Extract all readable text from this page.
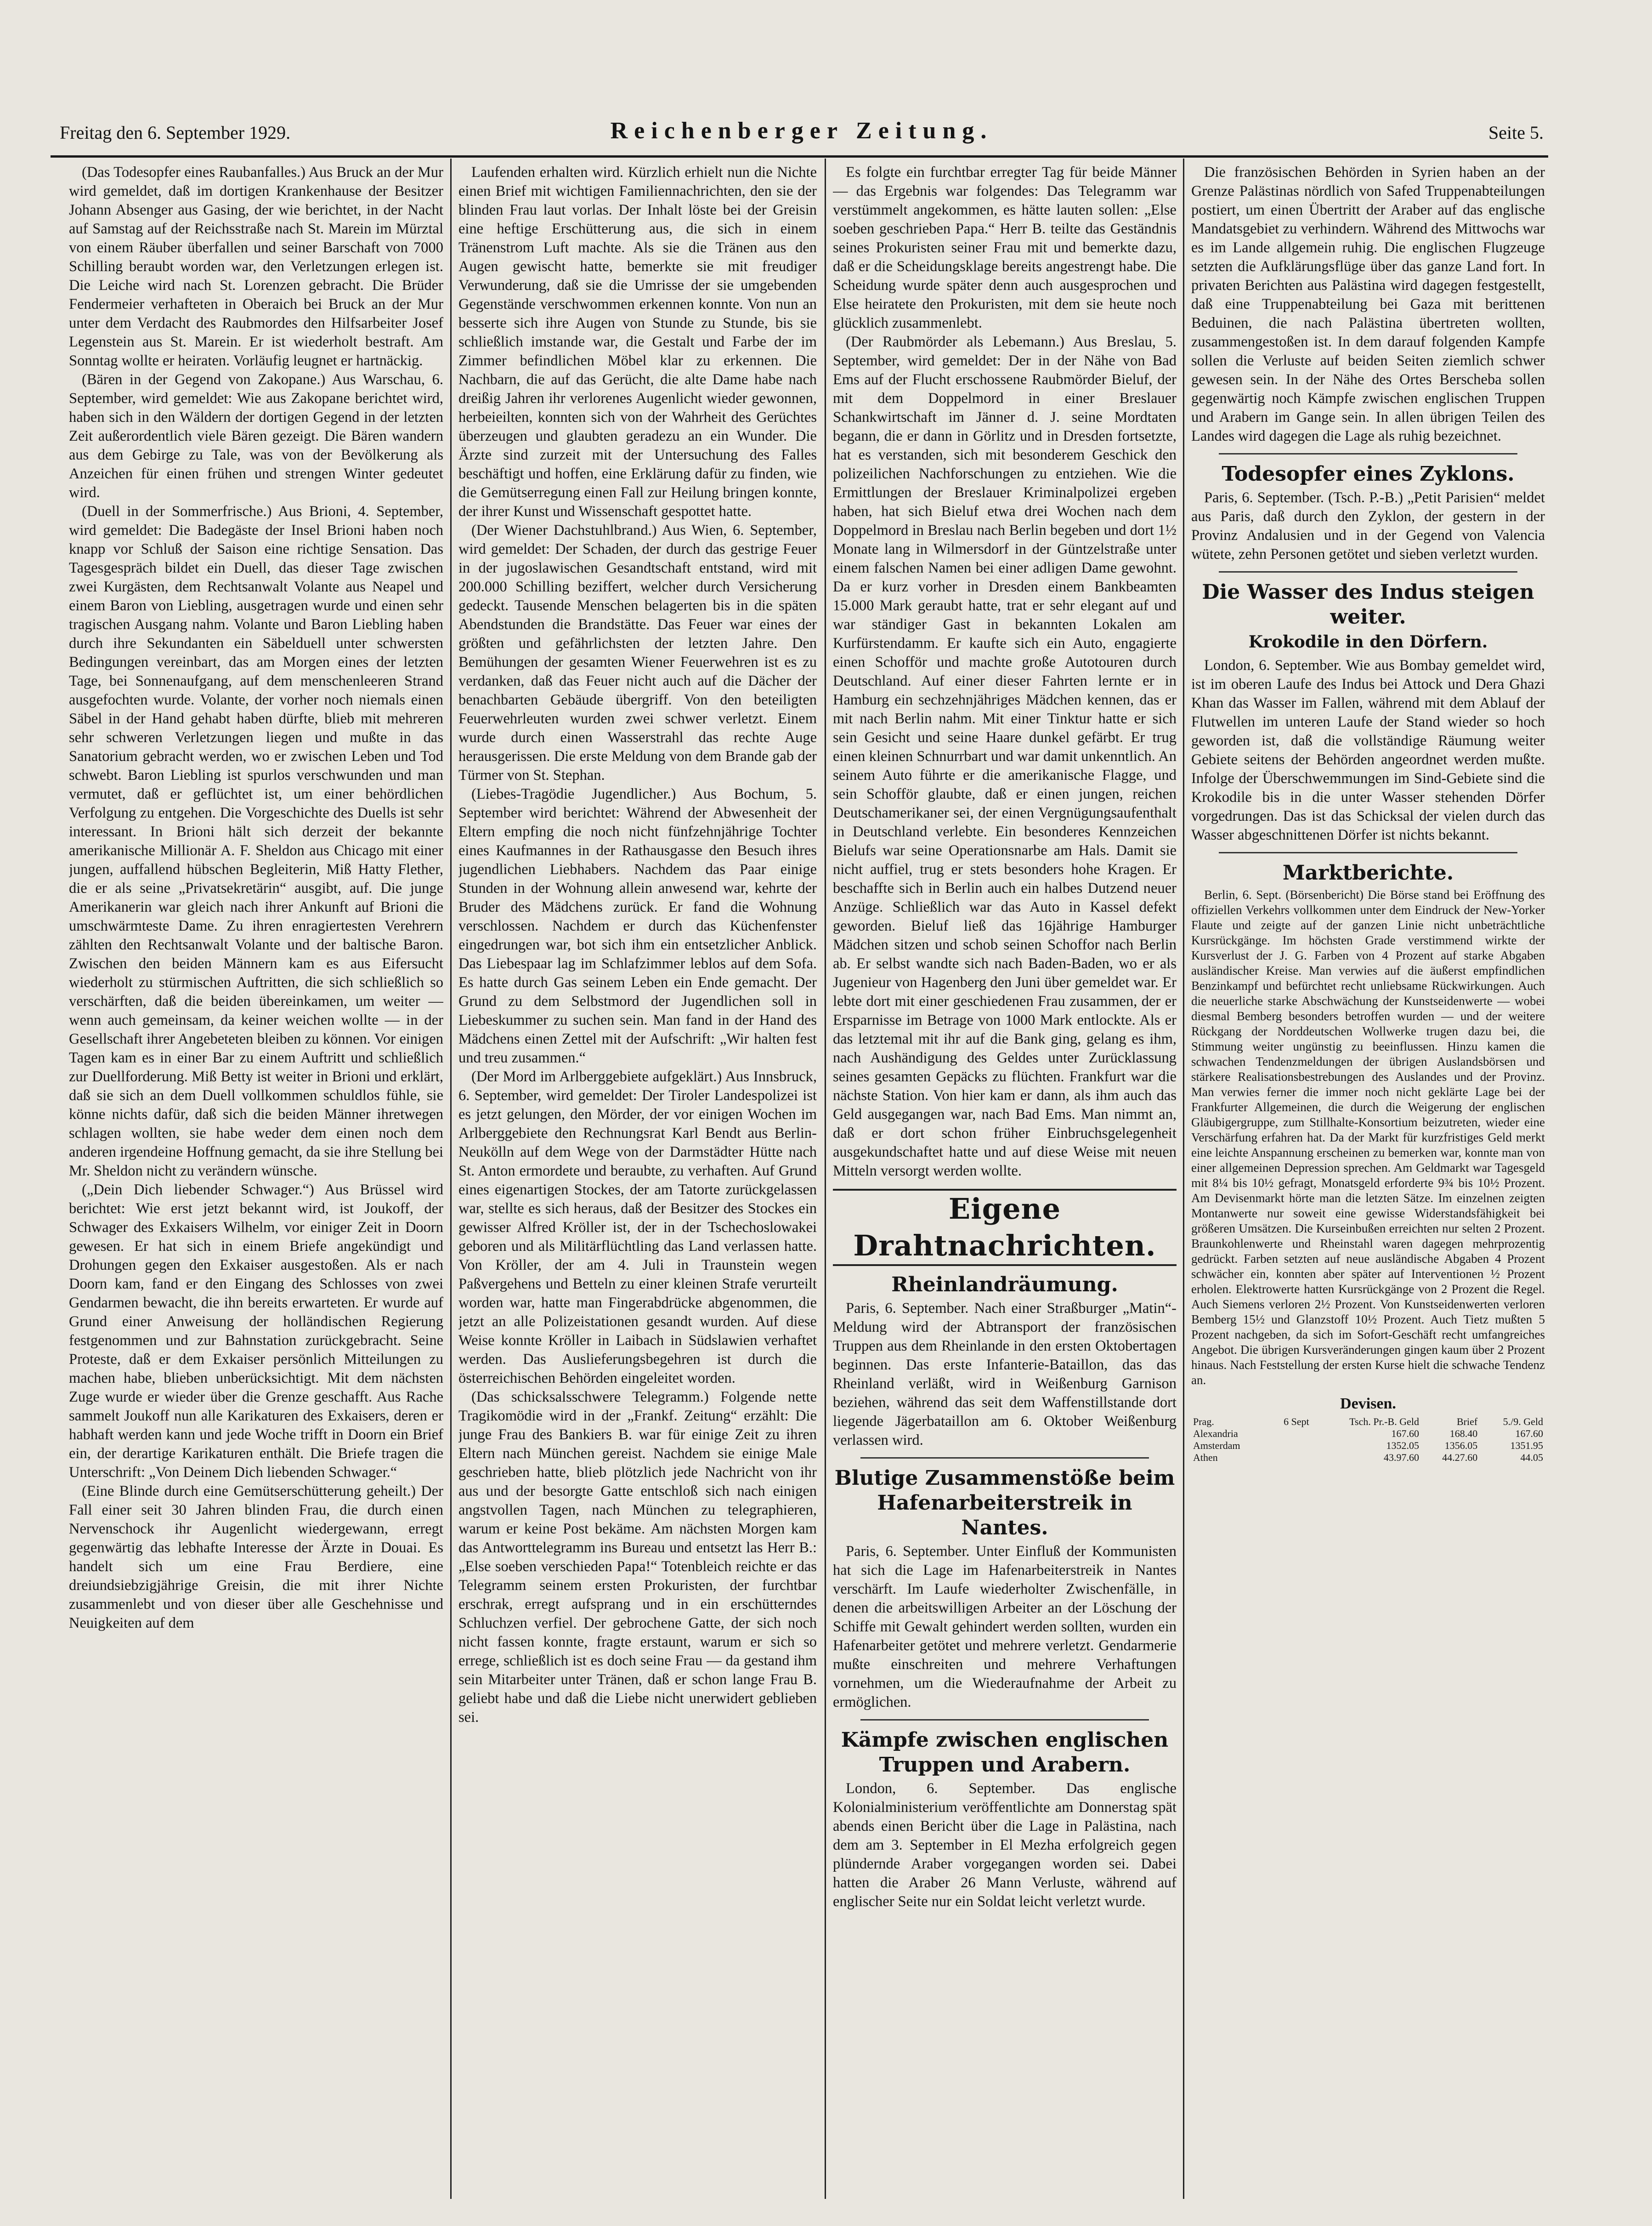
Freitag den 6. September 1929.	Reichenberger Zeitung.	Seite 5.

(Das Todesopfer eines Raubanfalles.) Aus Bruck an der Mur wird gemeldet, daß im dortigen Krankenhause der Besitzer Johann Absenger aus Gasing, der wie berichtet, in der Nacht auf Samstag auf der Reichsstraße nach St. Marein im Mürztal von einem Räuber überfallen und seiner Barschaft von 7000 Schilling beraubt worden war, den Verletzungen erlegen ist. Die Leiche wird nach St. Lorenzen gebracht. Die Brüder Fendermeier verhafteten in Oberaich bei Bruck an der Mur unter dem Verdacht des Raubmordes den Hilfsarbeiter Josef Legenstein aus St. Marein. Er ist wiederholt bestraft. Am Sonntag wollte er heiraten. Vorläufig leugnet er hartnäckig.

(Bären in der Gegend von Zakopane.) Aus Warschau, 6. September, wird gemeldet: Wie aus Zakopane berichtet wird, haben sich in den Wäldern der dortigen Gegend in der letzten Zeit außerordentlich viele Bären gezeigt. Die Bären wandern aus dem Gebirge zu Tale, was von der Bevölkerung als Anzeichen für einen frühen und strengen Winter gedeutet wird.

(Duell in der Sommerfrische.) Aus Brioni, 4. September, wird gemeldet: Die Badegäste der Insel Brioni haben noch knapp vor Schluß der Saison eine richtige Sensation. Das Tagesgespräch bildet ein Duell, das dieser Tage zwischen zwei Kurgästen, dem Rechtsanwalt Volante aus Neapel und einem Baron von Liebling, ausgetragen wurde und einen sehr tragischen Ausgang nahm. Volante und Baron Liebling haben durch ihre Sekundanten ein Säbelduell unter schwersten Bedingungen vereinbart, das am Morgen eines der letzten Tage, bei Sonnenaufgang, auf dem menschenleeren Strand ausgefochten wurde. Volante, der vorher noch niemals einen Säbel in der Hand gehabt haben dürfte, blieb mit mehreren sehr schweren Verletzungen liegen und mußte in das Sanatorium gebracht werden, wo er zwischen Leben und Tod schwebt. Baron Liebling ist spurlos verschwunden und man vermutet, daß er geflüchtet ist, um einer behördlichen Verfolgung zu entgehen. Die Vorgeschichte des Duells ist sehr interessant. In Brioni hält sich derzeit der bekannte amerikanische Millionär A. F. Sheldon aus Chicago mit einer jungen, auffallend hübschen Begleiterin, Miß Hatty Flether, die er als seine „Privatsekretärin“ ausgibt, auf. Die junge Amerikanerin war gleich nach ihrer Ankunft auf Brioni die umschwärmteste Dame. Zu ihren enragiertesten Verehrern zählten den Rechtsanwalt Volante und der baltische Baron. Zwischen den beiden Männern kam es aus Eifersucht wiederholt zu stürmischen Auftritten, die sich schließlich so verschärften, daß die beiden übereinkamen, um weiter — wenn auch gemeinsam, da keiner weichen wollte — in der Gesellschaft ihrer Angebeteten bleiben zu können. Vor einigen Tagen kam es in einer Bar zu einem Auftritt und schließlich zur Duellforderung. Miß Betty ist weiter in Brioni und erklärt, daß sie sich an dem Duell vollkommen schuldlos fühle, sie könne nichts dafür, daß sich die beiden Männer ihretwegen schlagen wollten, sie habe weder dem einen noch dem anderen irgendeine Hoffnung gemacht, da sie ihre Stellung bei Mr. Sheldon nicht zu verändern wünsche.

(„Dein Dich liebender Schwager.“) Aus Brüssel wird berichtet: Wie erst jetzt bekannt wird, ist Joukoff, der Schwager des Exkaisers Wilhelm, vor einiger Zeit in Doorn gewesen. Er hat sich in einem Briefe angekündigt und Drohungen gegen den Exkaiser ausgestoßen. Als er nach Doorn kam, fand er den Eingang des Schlosses von zwei Gendarmen bewacht, die ihn bereits erwarteten. Er wurde auf Grund einer Anweisung der holländischen Regierung festgenommen und zur Bahnstation zurückgebracht. Seine Proteste, daß er dem Exkaiser persönlich Mitteilungen zu machen habe, blieben unberücksichtigt. Mit dem nächsten Zuge wurde er wieder über die Grenze geschafft. Aus Rache sammelt Joukoff nun alle Karikaturen des Exkaisers, deren er habhaft werden kann und jede Woche trifft in Doorn ein Brief ein, der derartige Karikaturen enthält. Die Briefe tragen die Unterschrift: „Von Deinem Dich liebenden Schwager.“

(Eine Blinde durch eine Gemütserschütterung geheilt.) Der Fall einer seit 30 Jahren blinden Frau, die durch einen Nervenschock ihr Augenlicht wiedergewann, erregt gegenwärtig das lebhafte Interesse der Ärzte in Douai. Es handelt sich um eine Frau Berdiere, eine dreiundsiebzigjährige Greisin, die mit ihrer Nichte zusammenlebt und von dieser über alle Geschehnisse und Neuigkeiten auf dem

Laufenden erhalten wird. Kürzlich erhielt nun die Nichte einen Brief mit wichtigen Familiennachrichten, den sie der blinden Frau laut vorlas. Der Inhalt löste bei der Greisin eine heftige Erschütterung aus, die sich in einem Tränenstrom Luft machte. Als sie die Tränen aus den Augen gewischt hatte, bemerkte sie mit freudiger Verwunderung, daß sie die Umrisse der sie umgebenden Gegenstände verschwommen erkennen konnte. Von nun an besserte sich ihre Augen von Stunde zu Stunde, bis sie schließlich imstande war, die Gestalt und Farbe der im Zimmer befindlichen Möbel klar zu erkennen. Die Nachbarn, die auf das Gerücht, die alte Dame habe nach dreißig Jahren ihr verlorenes Augenlicht wieder gewonnen, herbeieilten, konnten sich von der Wahrheit des Gerüchtes überzeugen und glaubten geradezu an ein Wunder. Die Ärzte sind zurzeit mit der Untersuchung des Falles beschäftigt und hoffen, eine Erklärung dafür zu finden, wie die Gemütserregung einen Fall zur Heilung bringen konnte, der ihrer Kunst und Wissenschaft gespottet hatte.

(Der Wiener Dachstuhlbrand.) Aus Wien, 6. September, wird gemeldet: Der Schaden, der durch das gestrige Feuer in der jugoslawischen Gesandtschaft entstand, wird mit 200.000 Schilling beziffert, welcher durch Versicherung gedeckt. Tausende Menschen belagerten bis in die späten Abendstunden die Brandstätte. Das Feuer war eines der größten und gefährlichsten der letzten Jahre. Den Bemühungen der gesamten Wiener Feuerwehren ist es zu verdanken, daß das Feuer nicht auch auf die Dächer der benachbarten Gebäude übergriff. Von den beteiligten Feuerwehrleuten wurden zwei schwer verletzt. Einem wurde durch einen Wasserstrahl das rechte Auge herausgerissen. Die erste Meldung von dem Brande gab der Türmer von St. Stephan.

(Liebes-Tragödie Jugendlicher.) Aus Bochum, 5. September wird berichtet: Während der Abwesenheit der Eltern empfing die noch nicht fünfzehnjährige Tochter eines Kaufmannes in der Rathausgasse den Besuch ihres jugendlichen Liebhabers. Nachdem das Paar einige Stunden in der Wohnung allein anwesend war, kehrte der Bruder des Mädchens zurück. Er fand die Wohnung verschlossen. Nachdem er durch das Küchenfenster eingedrungen war, bot sich ihm ein entsetzlicher Anblick. Das Liebespaar lag im Schlafzimmer leblos auf dem Sofa. Es hatte durch Gas seinem Leben ein Ende gemacht. Der Grund zu dem Selbstmord der Jugendlichen soll in Liebeskummer zu suchen sein. Man fand in der Hand des Mädchens einen Zettel mit der Aufschrift: „Wir halten fest und treu zusammen.“

(Der Mord im Arlberggebiete aufgeklärt.) Aus Innsbruck, 6. September, wird gemeldet: Der Tiroler Landespolizei ist es jetzt gelungen, den Mörder, der vor einigen Wochen im Arlberggebiete den Rechnungsrat Karl Bendt aus Berlin-Neukölln auf dem Wege von der Darmstädter Hütte nach St. Anton ermordete und beraubte, zu verhaften. Auf Grund eines eigenartigen Stockes, der am Tatorte zurückgelassen war, stellte es sich heraus, daß der Besitzer des Stockes ein gewisser Alfred Kröller ist, der in der Tschechoslowakei geboren und als Militärflüchtling das Land verlassen hatte. Von Kröller, der am 4. Juli in Traunstein wegen Paßvergehens und Betteln zu einer kleinen Strafe verurteilt worden war, hatte man Fingerabdrücke abgenommen, die jetzt an alle Polizeistationen gesandt wurden. Auf diese Weise konnte Kröller in Laibach in Südslawien verhaftet werden. Das Auslieferungsbegehren ist durch die österreichischen Behörden eingeleitet worden.

(Das schicksalsschwere Telegramm.) Folgende nette Tragikomödie wird in der „Frankf. Zeitung“ erzählt: Die junge Frau des Bankiers B. war für einige Zeit zu ihren Eltern nach München gereist. Nachdem sie einige Male geschrieben hatte, blieb plötzlich jede Nachricht von ihr aus und der besorgte Gatte entschloß sich nach einigen angstvollen Tagen, nach München zu telegraphieren, warum er keine Post bekäme. Am nächsten Morgen kam das Antworttelegramm ins Bureau und entsetzt las Herr B.: „Else soeben verschieden Papa!“ Totenbleich reichte er das Telegramm seinem ersten Prokuristen, der furchtbar erschrak, erregt aufsprang und in ein erschütterndes Schluchzen verfiel. Der gebrochene Gatte, der sich noch nicht fassen konnte, fragte erstaunt, warum er sich so errege, schließlich ist es doch seine Frau — da gestand ihm sein Mitarbeiter unter Tränen, daß er schon lange Frau B. geliebt habe und daß die Liebe nicht unerwidert geblieben sei.

Es folgte ein furchtbar erregter Tag für beide Männer — das Ergebnis war folgendes: Das Telegramm war verstümmelt angekommen, es hätte lauten sollen: „Else soeben geschrieben Papa.“ Herr B. teilte das Geständnis seines Prokuristen seiner Frau mit und bemerkte dazu, daß er die Scheidungsklage bereits angestrengt habe. Die Scheidung wurde später denn auch ausgesprochen und Else heiratete den Prokuristen, mit dem sie heute noch glücklich zusammenlebt.

(Der Raubmörder als Lebemann.) Aus Breslau, 5. September, wird gemeldet: Der in der Nähe von Bad Ems auf der Flucht erschossene Raubmörder Bieluf, der mit dem Doppelmord in einer Breslauer Schankwirtschaft im Jänner d. J. seine Mordtaten begann, die er dann in Görlitz und in Dresden fortsetzte, hat es verstanden, sich mit besonderem Geschick den polizeilichen Nachforschungen zu entziehen. Wie die Ermittlungen der Breslauer Kriminalpolizei ergeben haben, hat sich Bieluf etwa drei Wochen nach dem Doppelmord in Breslau nach Berlin begeben und dort 1½ Monate lang in Wilmersdorf in der Güntzelstraße unter einem falschen Namen bei einer adligen Dame gewohnt. Da er kurz vorher in Dresden einem Bankbeamten 15.000 Mark geraubt hatte, trat er sehr elegant auf und war ständiger Gast in bekannten Lokalen am Kurfürstendamm. Er kaufte sich ein Auto, engagierte einen Schofför und machte große Autotouren durch Deutschland. Auf einer dieser Fahrten lernte er in Hamburg ein sechzehnjähriges Mädchen kennen, das er mit nach Berlin nahm. Mit einer Tinktur hatte er sich sein Gesicht und seine Haare dunkel gefärbt. Er trug einen kleinen Schnurrbart und war damit unkenntlich. An seinem Auto führte er die amerikanische Flagge, und sein Schofför glaubte, daß er einen jungen, reichen Deutschamerikaner sei, der einen Vergnügungsaufenthalt in Deutschland verlebte. Ein besonderes Kennzeichen Bielufs war seine Operationsnarbe am Hals. Damit sie nicht auffiel, trug er stets besonders hohe Kragen. Er beschaffte sich in Berlin auch ein halbes Dutzend neuer Anzüge. Schließlich war das Auto in Kassel defekt geworden. Bieluf ließ das 16jährige Hamburger Mädchen sitzen und schob seinen Schoffor nach Berlin ab. Er selbst wandte sich nach Baden-Baden, wo er als Jugenieur von Hagenberg den Juni über gemeldet war. Er lebte dort mit einer geschiedenen Frau zusammen, der er Ersparnisse im Betrage von 1000 Mark entlockte. Als er das letztemal mit ihr auf die Bank ging, gelang es ihm, nach Aushändigung des Geldes unter Zurücklassung seines gesamten Gepäcks zu flüchten. Frankfurt war die nächste Station. Von hier kam er dann, als ihm auch das Geld ausgegangen war, nach Bad Ems. Man nimmt an, daß er dort schon früher Einbruchsgelegenheit ausgekundschaftet hatte und auf diese Weise mit neuen Mitteln versorgt werden wollte.

Eigene Drahtnachrichten.
Rheinlandräumung.

Paris, 6. September. Nach einer Straßburger „Matin“-Meldung wird der Abtransport der französischen Truppen aus dem Rheinlande in den ersten Oktobertagen beginnen. Das erste Infanterie-Bataillon, das das Rheinland verläßt, wird in Weißenburg Garnison beziehen, während das seit dem Waffenstillstande dort liegende Jägerbataillon am 6. Oktober Weißenburg verlassen wird.

Blutige Zusammenstöße beim Hafenarbeiterstreik in Nantes.

Paris, 6. September. Unter Einfluß der Kommunisten hat sich die Lage im Hafenarbeiterstreik in Nantes verschärft. Im Laufe wiederholter Zwischenfälle, in denen die arbeitswilligen Arbeiter an der Löschung der Schiffe mit Gewalt gehindert werden sollten, wurden ein Hafenarbeiter getötet und mehrere verletzt. Gendarmerie mußte einschreiten und mehrere Verhaftungen vornehmen, um die Wiederaufnahme der Arbeit zu ermöglichen.

Kämpfe zwischen englischen Truppen und Arabern.

London, 6. September. Das englische Kolonialministerium veröffentlichte am Donnerstag spät abends einen Bericht über die Lage in Palästina, nach dem am 3. September in El Mezha erfolgreich gegen plündernde Araber vorgegangen worden sei. Dabei hatten die Araber 26 Mann Verluste, während auf englischer Seite nur ein Soldat leicht verletzt wurde.

Die französischen Behörden in Syrien haben an der Grenze Palästinas nördlich von Safed Truppenabteilungen postiert, um einen Übertritt der Araber auf das englische Mandatsgebiet zu verhindern. Während des Mittwochs war es im Lande allgemein ruhig. Die englischen Flugzeuge setzten die Aufklärungsflüge über das ganze Land fort. In privaten Berichten aus Palästina wird dagegen festgestellt, daß eine Truppenabteilung bei Gaza mit berittenen Beduinen, die nach Palästina übertreten wollten, zusammengestoßen ist. In dem darauf folgenden Kampfe sollen die Verluste auf beiden Seiten ziemlich schwer gewesen sein. In der Nähe des Ortes Berscheba sollen gegenwärtig noch Kämpfe zwischen englischen Truppen und Arabern im Gange sein. In allen übrigen Teilen des Landes wird dagegen die Lage als ruhig bezeichnet.

Todesopfer eines Zyklons.

Paris, 6. September. (Tsch. P.-B.) „Petit Parisien“ meldet aus Paris, daß durch den Zyklon, der gestern in der Provinz Andalusien und in der Gegend von Valencia wütete, zehn Personen getötet und sieben verletzt wurden.

Die Wasser des Indus steigen weiter.
Krokodile in den Dörfern.

London, 6. September. Wie aus Bombay gemeldet wird, ist im oberen Laufe des Indus bei Attock und Dera Ghazi Khan das Wasser im Fallen, während mit dem Ablauf der Flutwellen im unteren Laufe der Stand wieder so hoch geworden ist, daß die vollständige Räumung weiter Gebiete seitens der Behörden angeordnet werden mußte. Infolge der Überschwemmungen im Sind-Gebiete sind die Krokodile bis in die unter Wasser stehenden Dörfer vorgedrungen. Das ist das Schicksal der vielen durch das Wasser abgeschnittenen Dörfer ist nichts bekannt.

Marktberichte.

Berlin, 6. Sept. (Börsenbericht) Die Börse stand bei Eröffnung des offiziellen Verkehrs vollkommen unter dem Eindruck der New-Yorker Flaute und zeigte auf der ganzen Linie nicht unbeträchtliche Kursrückgänge. Im höchsten Grade verstimmend wirkte der Kursverlust der J. G. Farben von 4 Prozent auf starke Abgaben ausländischer Kreise. Man verwies auf die äußerst empfindlichen Benzinkampf und befürchtet recht unliebsame Rückwirkungen. Auch die neuerliche starke Abschwächung der Kunstseidenwerte — wobei diesmal Bemberg besonders betroffen wurden — und der weitere Rückgang der Norddeutschen Wollwerke trugen dazu bei, die Stimmung weiter ungünstig zu beeinflussen. Hinzu kamen die schwachen Tendenzmeldungen der übrigen Auslandsbörsen und stärkere Realisationsbestrebungen des Auslandes und der Provinz. Man verwies ferner die immer noch nicht geklärte Lage bei der Frankfurter Allgemeinen, die durch die Weigerung der englischen Gläubigergruppe, zum Stillhalte-Konsortium beizutreten, wieder eine Verschärfung erfahren hat. Da der Markt für kurzfristiges Geld merkt eine leichte Anspannung erscheinen zu bemerken war, konnte man von einer allgemeinen Depression sprechen. Am Geldmarkt war Tagesgeld mit 8¼ bis 10½ gefragt, Monatsgeld erforderte 9¾ bis 10½ Prozent. Am Devisenmarkt hörte man die letzten Sätze. Im einzelnen zeigten Montanwerte nur soweit eine gewisse Widerstandsfähigkeit bei größeren Umsätzen. Die Kurseinbußen erreichten nur selten 2 Prozent. Braunkohlenwerte und Rheinstahl waren dagegen mehrprozentig gedrückt. Farben setzten auf neue ausländische Abgaben 4 Prozent schwächer ein, konnten aber später auf Interventionen ½ Prozent erholen. Elektrowerte hatten Kursrückgänge von 2 Prozent die Regel. Auch Siemens verloren 2½ Prozent. Von Kunstseidenwerten verloren Bemberg 15½ und Glanzstoff 10½ Prozent. Auch Tietz mußten 5 Prozent nachgeben, da sich im Sofort-Geschäft recht umfangreiches Angebot. Die übrigen Kursveränderungen gingen kaum über 2 Prozent hinaus. Nach Feststellung der ersten Kurse hielt die schwache Tendenz an.

Devisen.
Prag.	6 Sept	Tsch. Pr.-B. Geld	Brief	5./9. Geld
Alexandria		167.60	168.40	167.60
Amsterdam		1352.05	1356.05	1351.95
Athen		43.97.60	44.27.60	44.05
